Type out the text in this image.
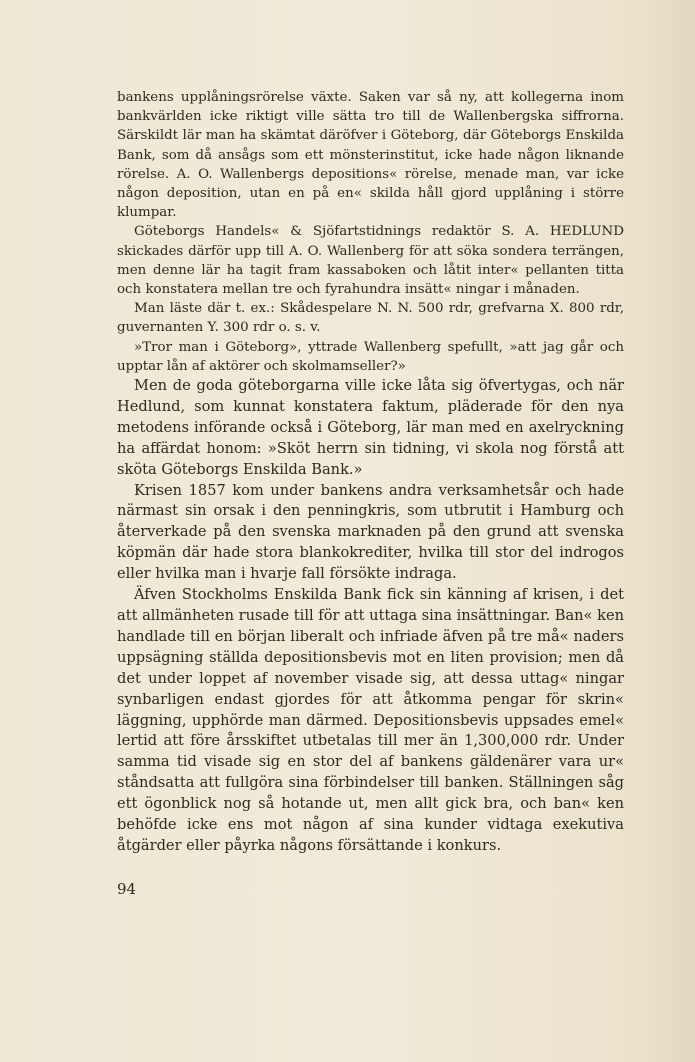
bankens upplåningsrörelse växte. Saken var så ny, att kollegerna inom bankvärlden icke riktigt ville sätta tro till de Wallenbergska siffrorna. Särskildt lär man ha skämtat däröfver i Göteborg, där Göteborgs Enskilda Bank, som då ansågs som ett mönsterinstitut, icke hade någon liknande rörelse. A. O. Wallenbergs depositions« rörelse, menade man, var icke någon deposition, utan en på en« skilda håll gjord upplåning i större klumpar.

Göteborgs Handels« & Sjöfartstidnings redaktör S. A. HEDLUND skickades därför upp till A. O. Wallenberg för att söka sondera terrängen, men denne lär ha tagit fram kassaboken och låtit inter« pellanten titta och konstatera mellan tre och fyrahundra insätt« ningar i månaden.

Man läste där t. ex.: Skådespelare N. N. 500 rdr, grefvarna X. 800 rdr, guvernanten Y. 300 rdr o. s. v.

»Tror man i Göteborg», yttrade Wallenberg spefullt, »att jag går och upptar lån af aktörer och skolmamseller?»

Men de goda göteborgarna ville icke låta sig öfvertygas, och när Hedlund, som kunnat konstatera faktum, pläderade för den nya metodens införande också i Göteborg, lär man med en axelryckning ha affärdat honom: »Sköt herrn sin tidning, vi skola nog förstå att sköta Göteborgs Enskilda Bank.»

Krisen 1857 kom under bankens andra verksamhetsår och hade närmast sin orsak i den penningkris, som utbrutit i Hamburg och återverkade på den svenska marknaden på den grund att svenska köpmän där hade stora blankokrediter, hvilka till stor del indrogos eller hvilka man i hvarje fall försökte indraga.

Äfven Stockholms Enskilda Bank fick sin känning af krisen, i det att allmänheten rusade till för att uttaga sina insättningar. Ban« ken handlade till en början liberalt och infriade äfven på tre må« naders uppsägning ställda depositionsbevis mot en liten provision; men då det under loppet af november visade sig, att dessa uttag« ningar synbarligen endast gjordes för att åtkomma pengar för skrin« läggning, upphörde man därmed. Depositionsbevis uppsades emel« lertid att före årsskiftet utbetalas till mer än 1,300,000 rdr. Under samma tid visade sig en stor del af bankens gäldenärer vara ur« ståndsatta att fullgöra sina förbindelser till banken. Ställningen såg ett ögonblick nog så hotande ut, men allt gick bra, och ban« ken behöfde icke ens mot någon af sina kunder vidtaga exekutiva åtgärder eller påyrka någons försättande i konkurs.

94
